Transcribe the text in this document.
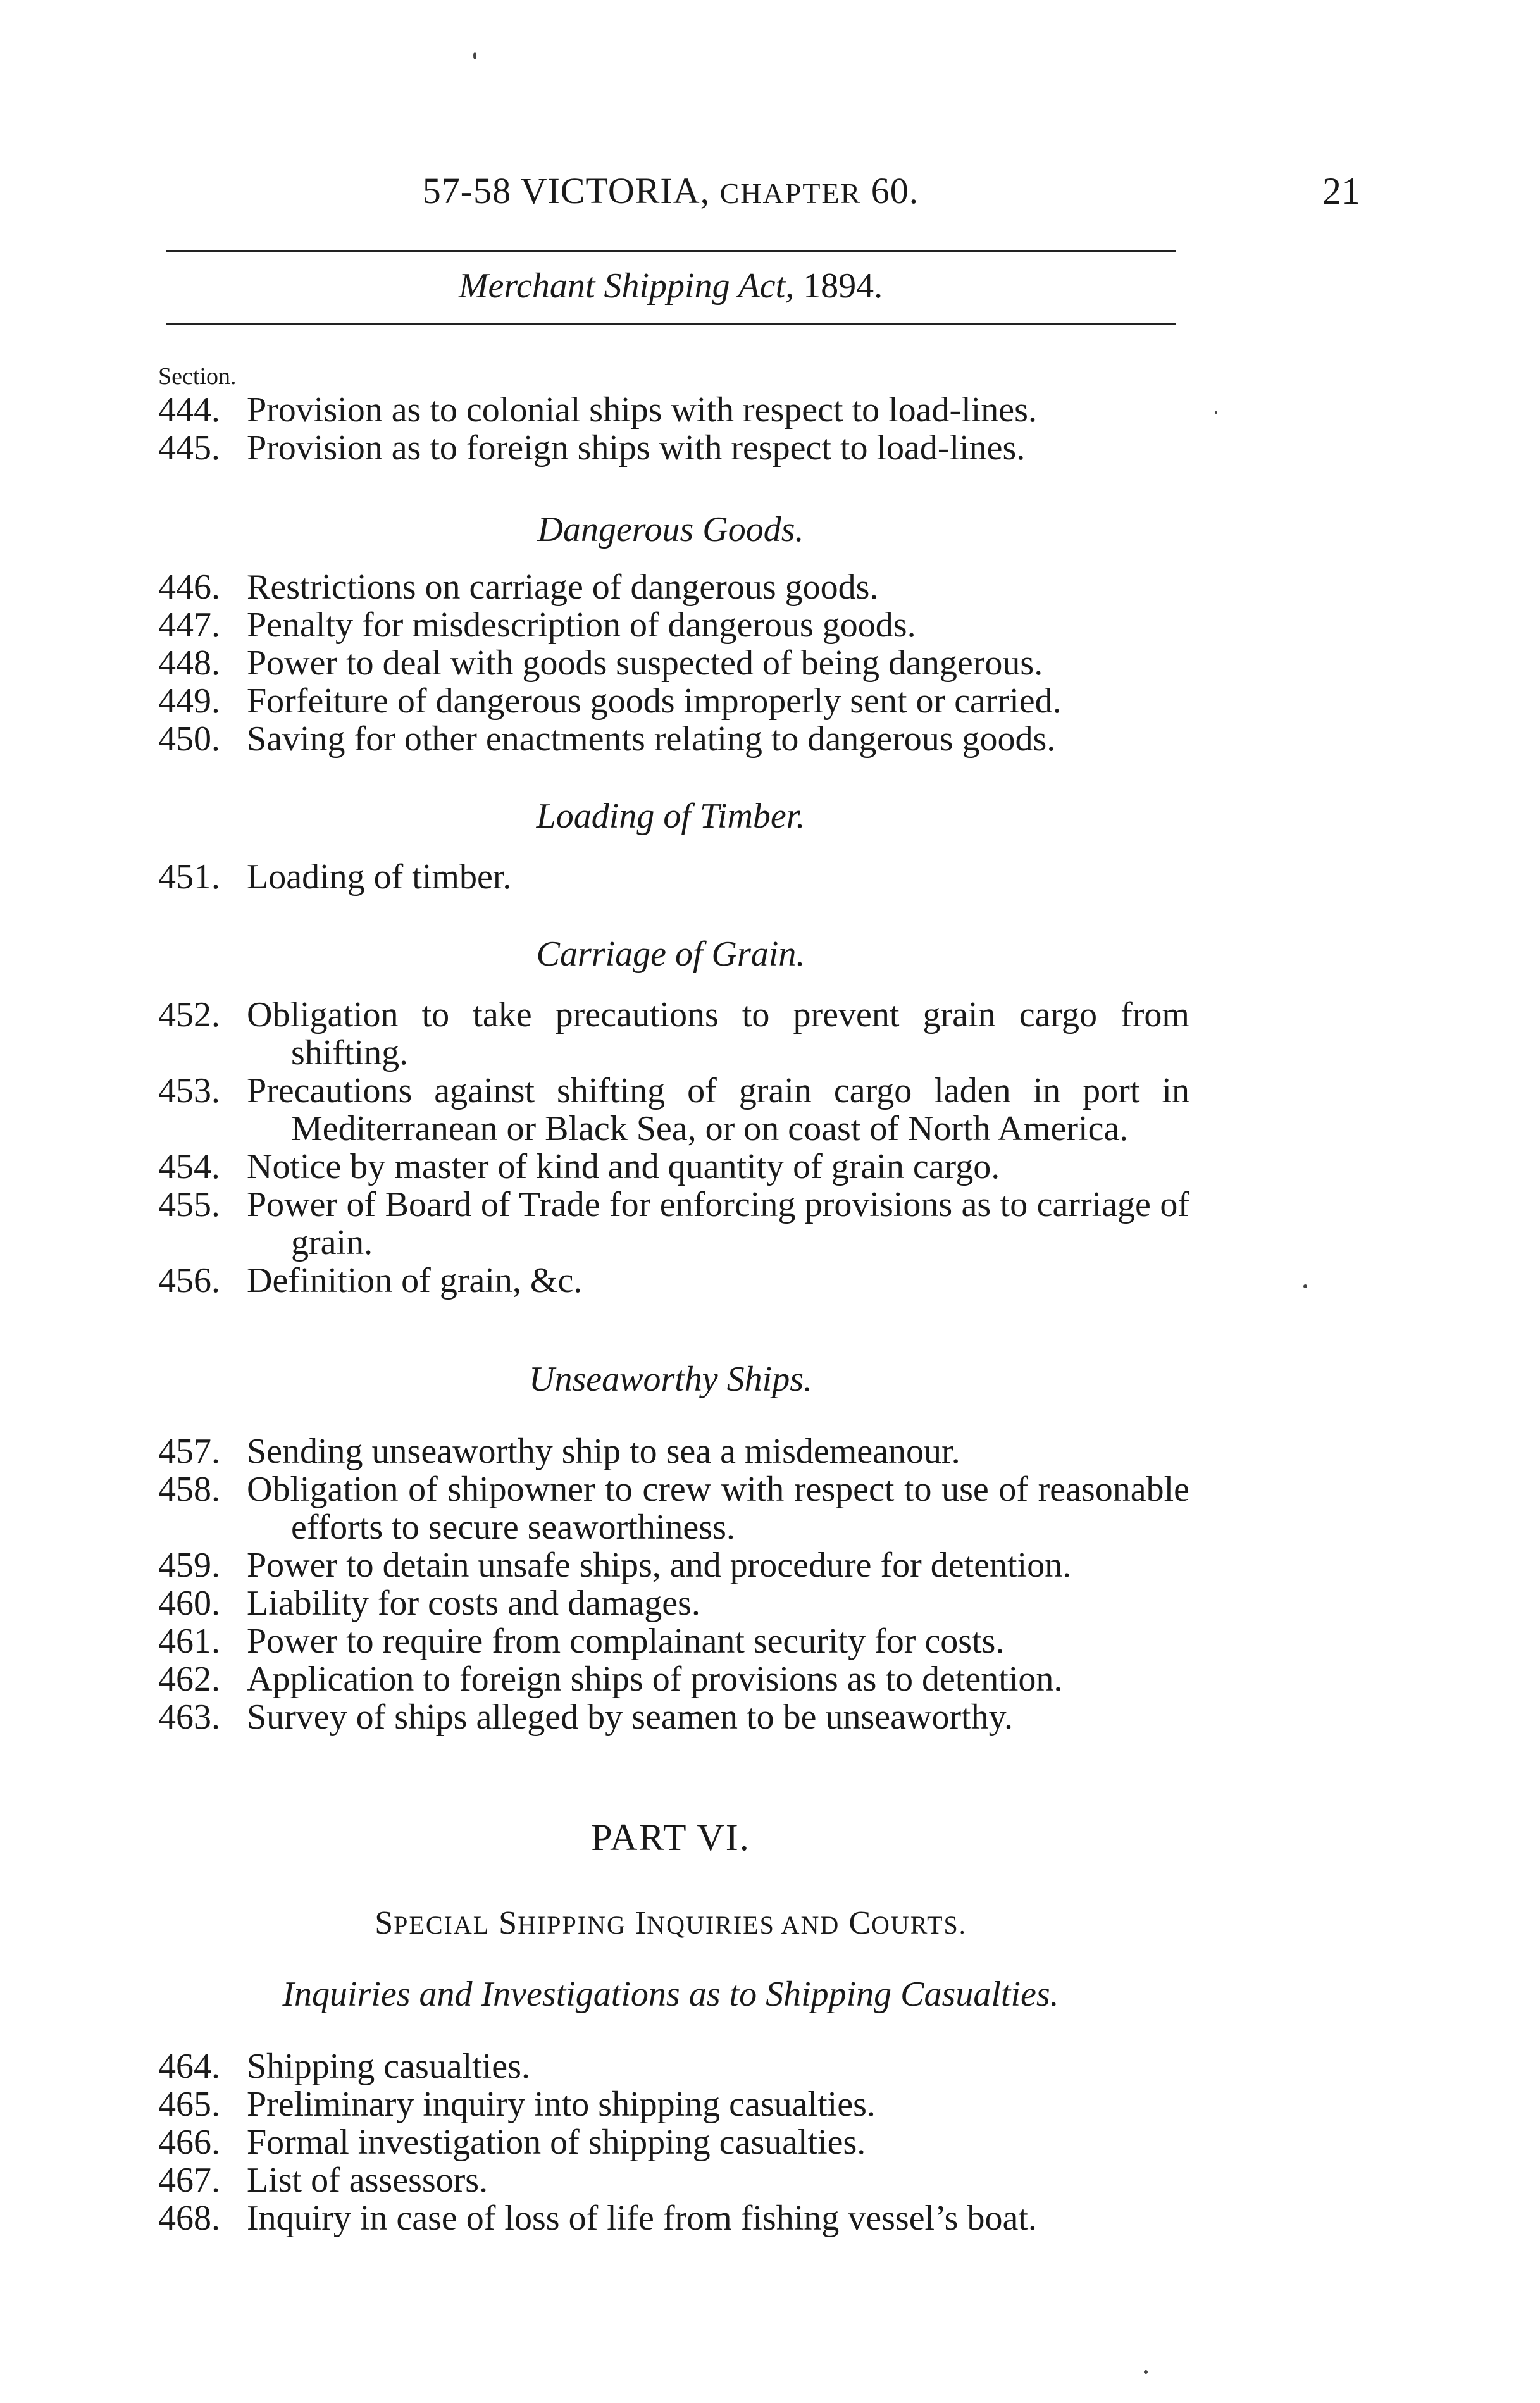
57-58 VICTORIA, CHAPTER 60.	21
Merchant Shipping Act, 1894.
Section.
444. Provision as to colonial ships with respect to load-lines.
445. Provision as to foreign ships with respect to load-lines.
Dangerous Goods.
446. Restrictions on carriage of dangerous goods.
447. Penalty for misdescription of dangerous goods.
448. Power to deal with goods suspected of being dangerous.
449. Forfeiture of dangerous goods improperly sent or carried.
450. Saving for other enactments relating to dangerous goods.
Loading of Timber.
451. Loading of timber.
Carriage of Grain.
452. Obligation to take precautions to prevent grain cargo from shifting.
453. Precautions against shifting of grain cargo laden in port in Mediterranean or Black Sea, or on coast of North America.
454. Notice by master of kind and quantity of grain cargo.
455. Power of Board of Trade for enforcing provisions as to carriage of grain.
456. Definition of grain, &c.
Unseaworthy Ships.
457. Sending unseaworthy ship to sea a misdemeanour.
458. Obligation of shipowner to crew with respect to use of reasonable efforts to secure seaworthiness.
459. Power to detain unsafe ships, and procedure for detention.
460. Liability for costs and damages.
461. Power to require from complainant security for costs.
462. Application to foreign ships of provisions as to detention.
463. Survey of ships alleged by seamen to be unseaworthy.
PART VI.
SPECIAL SHIPPING INQUIRIES AND COURTS.
Inquiries and Investigations as to Shipping Casualties.
464. Shipping casualties.
465. Preliminary inquiry into shipping casualties.
466. Formal investigation of shipping casualties.
467. List of assessors.
468. Inquiry in case of loss of life from fishing vessel’s boat.
